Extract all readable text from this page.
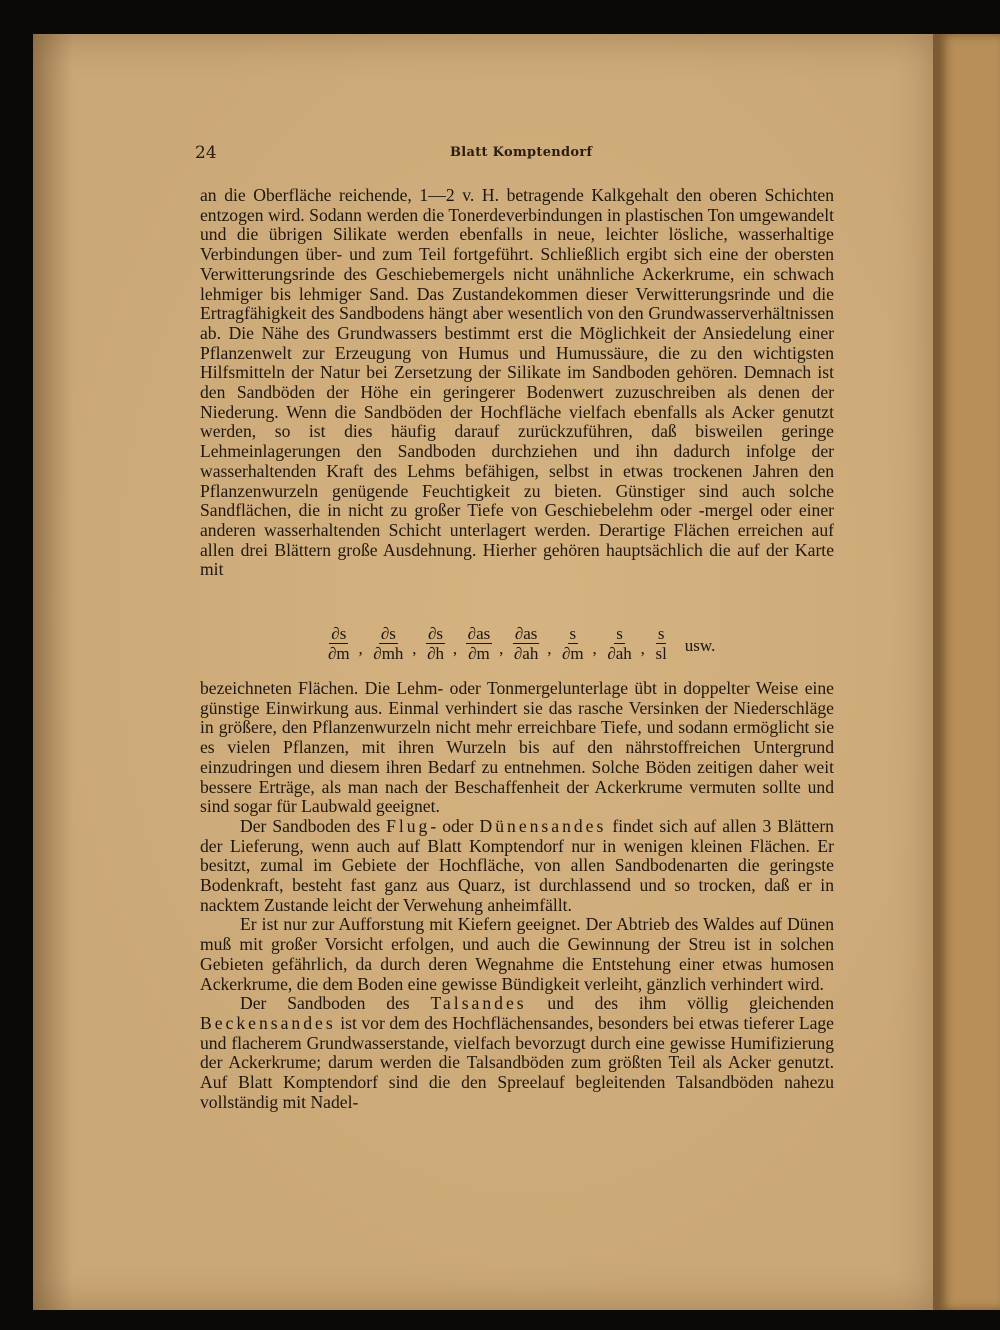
24	Blatt Komptendorf

an die Oberfläche reichende, 1—2 v. H. betragende Kalkgehalt den oberen Schichten entzogen wird. Sodann werden die Tonerdeverbindungen in plastischen Ton umgewandelt und die übrigen Silikate werden ebenfalls in neue, leichter lösliche, wasserhaltige Verbindungen über- und zum Teil fortgeführt. Schließlich ergibt sich eine der obersten Verwitterungsrinde des Geschiebemergels nicht unähnliche Ackerkrume, ein schwach lehmiger bis lehmiger Sand. Das Zustandekommen dieser Verwitterungsrinde und die Ertragfähigkeit des Sandbodens hängt aber wesentlich von den Grundwasserverhältnissen ab. Die Nähe des Grundwassers bestimmt erst die Möglichkeit der Ansiedelung einer Pflanzenwelt zur Erzeugung von Humus und Humussäure, die zu den wichtigsten Hilfsmitteln der Natur bei Zersetzung der Silikate im Sandboden gehören. Demnach ist den Sandböden der Höhe ein geringerer Bodenwert zuzuschreiben als denen der Niederung. Wenn die Sandböden der Hochfläche vielfach ebenfalls als Acker genutzt werden, so ist dies häufig darauf zurückzuführen, daß bisweilen geringe Lehmeinlagerungen den Sandboden durchziehen und ihn dadurch infolge der wasserhaltenden Kraft des Lehms befähigen, selbst in etwas trockenen Jahren den Pflanzenwurzeln genügende Feuchtigkeit zu bieten. Günstiger sind auch solche Sandflächen, die in nicht zu großer Tiefe von Geschiebelehm oder -mergel oder einer anderen wasserhaltenden Schicht unterlagert werden. Derartige Flächen erreichen auf allen drei Blättern große Ausdehnung. Hierher gehören hauptsächlich die auf der Karte mit

$\frac{\partial s}{\partial m}$ ’ $\frac{\partial s}{\partial mh}$ ’ $\frac{\partial s}{\partial h}$ ’ $\frac{\partial as}{\partial m}$ ’ $\frac{\partial as}{\partial ah}$ ’ $\frac{s}{\partial m}$ ’ $\frac{s}{\partial ah}$ ’ $\frac{s}{sl}$ usw.

bezeichneten Flächen. Die Lehm- oder Tonmergelunterlage übt in doppelter Weise eine günstige Einwirkung aus. Einmal verhindert sie das rasche Versinken der Niederschläge in größere, den Pflanzenwurzeln nicht mehr erreichbare Tiefe, und sodann ermöglicht sie es vielen Pflanzen, mit ihren Wurzeln bis auf den nährstoffreichen Untergrund einzudringen und diesem ihren Bedarf zu entnehmen. Solche Böden zeitigen daher weit bessere Erträge, als man nach der Beschaffenheit der Ackerkrume vermuten sollte und sind sogar für Laubwald geeignet.

Der Sandboden des Flug- oder Dünensandes findet sich auf allen 3 Blättern der Lieferung, wenn auch auf Blatt Komptendorf nur in wenigen kleinen Flächen. Er besitzt, zumal im Gebiete der Hochfläche, von allen Sandbodenarten die geringste Bodenkraft, besteht fast ganz aus Quarz, ist durchlassend und so trocken, daß er in nacktem Zustande leicht der Verwehung anheimfällt.

Er ist nur zur Aufforstung mit Kiefern geeignet. Der Abtrieb des Waldes auf Dünen muß mit großer Vorsicht erfolgen, und auch die Gewinnung der Streu ist in solchen Gebieten gefährlich, da durch deren Wegnahme die Entstehung einer etwas humosen Ackerkrume, die dem Boden eine gewisse Bündigkeit verleiht, gänzlich verhindert wird.

Der Sandboden des Talsandes und des ihm völlig gleichenden Beckensandes ist vor dem des Hochflächensandes, besonders bei etwas tieferer Lage und flacherem Grundwasserstande, vielfach bevorzugt durch eine gewisse Humifizierung der Ackerkrume; darum werden die Talsandböden zum größten Teil als Acker genutzt. Auf Blatt Komptendorf sind die den Spreelauf begleitenden Talsandböden nahezu vollständig mit Nadel-
